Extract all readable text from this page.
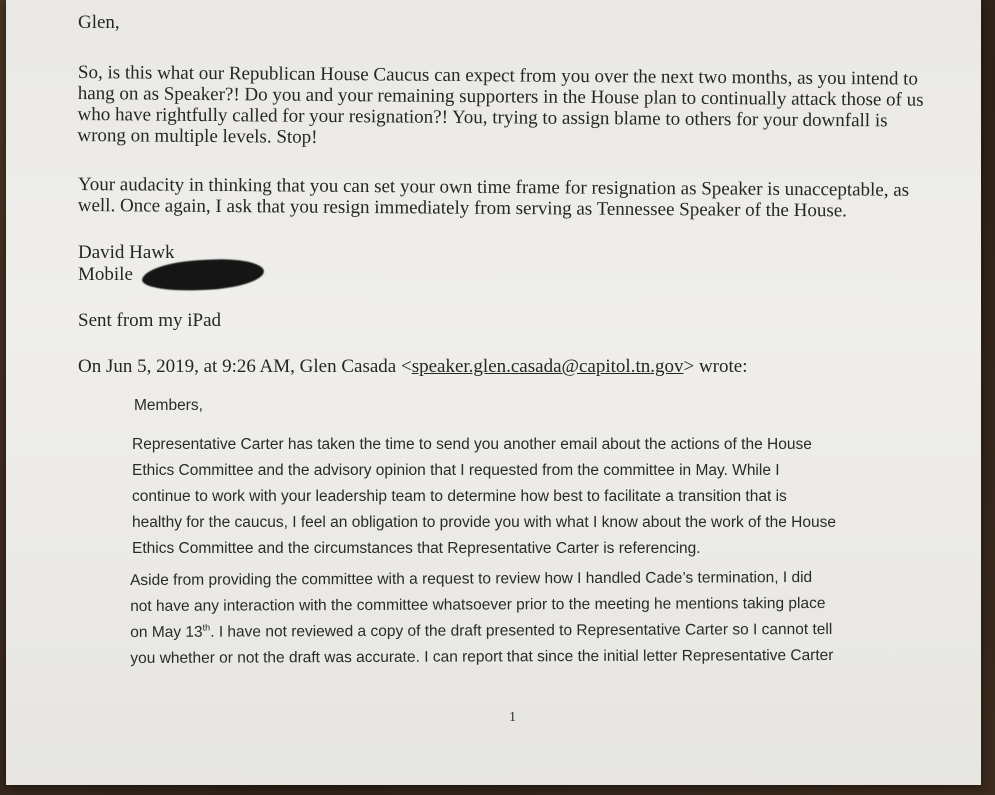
Glen,

So, is this what our Republican House Caucus can expect from you over the next two months, as you intend to
hang on as Speaker?! Do you and your remaining supporters in the House plan to continually attack those of us
who have rightfully called for your resignation?! You, trying to assign blame to others for your downfall is
wrong on multiple levels. Stop!
Your audacity in thinking that you can set your own time frame for resignation as Speaker is unacceptable, as
well. Once again, I ask that you resign immediately from serving as Tennessee Speaker of the House.

David Hawk

Mobile

Sent from my iPad

On Jun 5, 2019, at 9:26 AM, Glen Casada <speaker.glen.casada@capitol.tn.gov> wrote:

Members,

Representative Carter has taken the time to send you another email about the actions of the House
Ethics Committee and the advisory opinion that I requested from the committee in May. While I
continue to work with your leadership team to determine how best to facilitate a transition that is
healthy for the caucus, I feel an obligation to provide you with what I know about the work of the House
Ethics Committee and the circumstances that Representative Carter is referencing.
Aside from providing the committee with a request to review how I handled Cade’s termination, I did
not have any interaction with the committee whatsoever prior to the meeting he mentions taking place
on May 13th. I have not reviewed a copy of the draft presented to Representative Carter so I cannot tell
you whether or not the draft was accurate. I can report that since the initial letter Representative Carter
1
